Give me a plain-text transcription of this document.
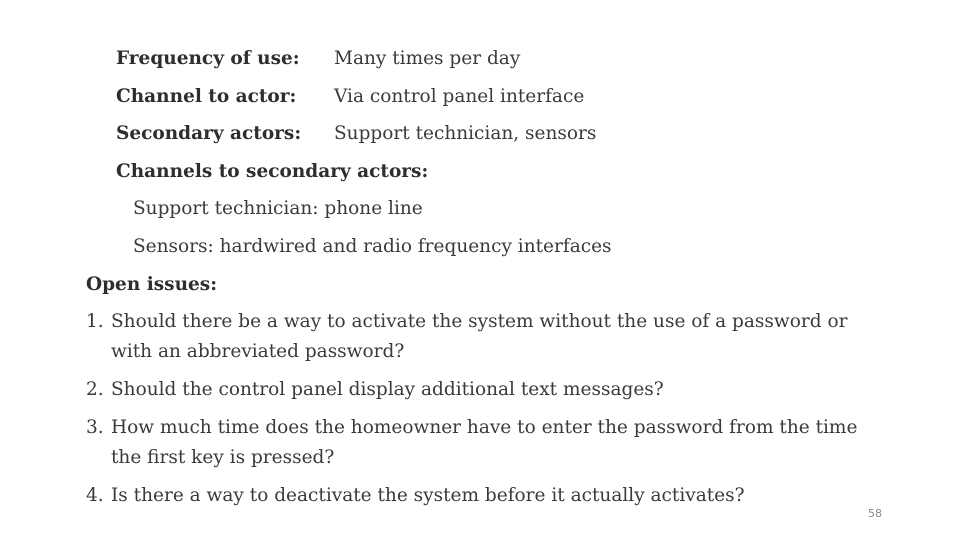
Frequency of use: Many times per day
Channel to actor: Via control panel interface
Secondary actors: Support technician, sensors
Channels to secondary actors:
Support technician: phone line
Sensors: hardwired and radio frequency interfaces
Open issues:
1. Should there be a way to activate the system without the use of a password or with an abbreviated password?
2. Should the control panel display additional text messages?
3. How much time does the homeowner have to enter the password from the time the first key is pressed?
4. Is there a way to deactivate the system before it actually activates?
58
